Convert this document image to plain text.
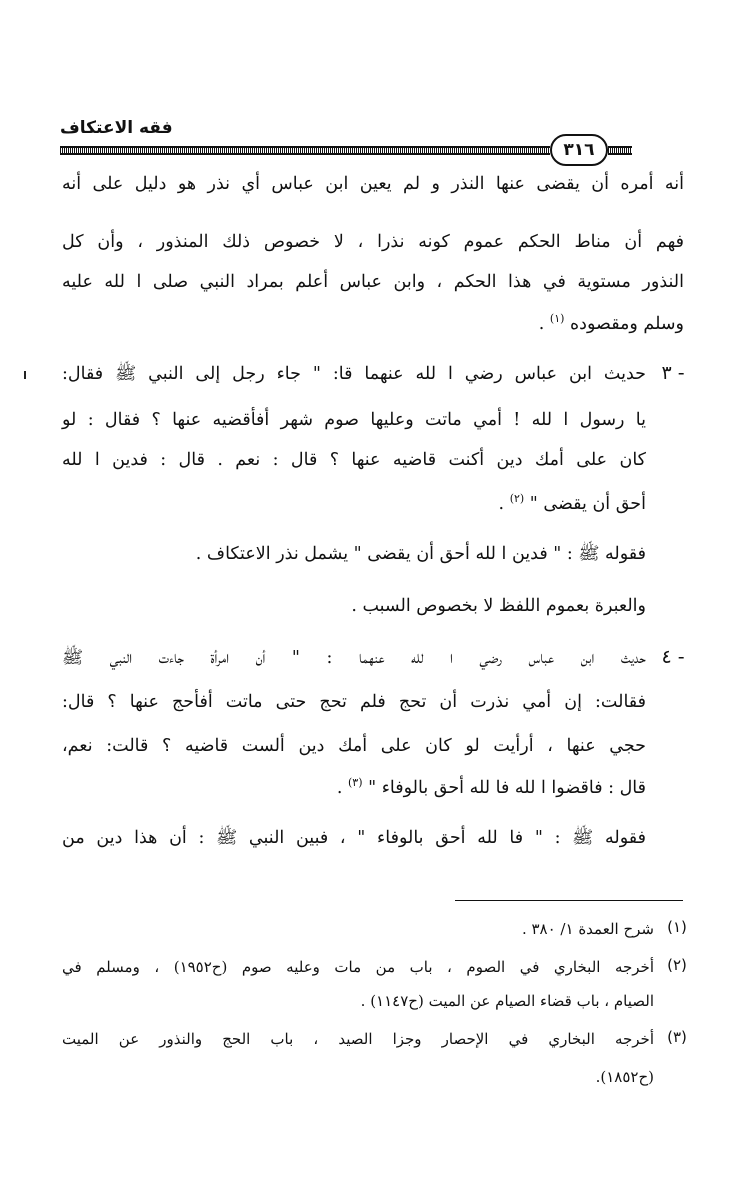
فقه الاعتكاف
٣١٦
أنه أمره أن يقضى عنها النذر و لم يعين ابن عباس أي نذر هو دليل على أنه
فهم أن مناط الحكم عموم كونه نذرا ، لا خصوص ذلك المنذور ، وأن كل
النذور مستوية في هذا الحكم ، وابن عباس أعلم بمراد النبي صلى ا لله عليه
وسلم ومقصوده $^{(١)}$ .
٣ -
حديث ابن عباس رضي ا لله عنهما قا: " جاء رجل إلى النبي ﷺ فقال:
يا رسول ا لله ! أمي ماتت وعليها صوم شهر أفأقضيه عنها ؟ فقال : لو
كان على أمك دين أكنت قاضيه عنها ؟ قال : نعم . قال : فدين ا لله
أحق أن يقضى " $^{(٢)}$ .
فقوله ﷺ : " فدين ا لله أحق أن يقضى " يشمل نذر الاعتكاف .
والعبرة بعموم اللفظ لا بخصوص السبب .
٤ -
حديث ابن عباس رضي ا لله عنهما : " أن امرأة جاءت النبي ﷺ
فقالت: إن أمي نذرت أن تحج فلم تحج حتى ماتت أفأحج عنها ؟ قال:
حجي عنها ، أرأيت لو كان على أمك دين ألست قاضيه ؟ قالت: نعم،
قال : فاقضوا ا لله فا لله أحق بالوفاء " $^{(٣)}$ .
فقوله ﷺ : " فا لله أحق بالوفاء " ، فبين النبي ﷺ : أن هذا دين من
(١)
شرح العمدة ١/ ٣٨٠ .
(٢)
أخرجه البخاري في الصوم ، باب من مات وعليه صوم (ح١٩٥٢) ، ومسلم في
الصيام ، باب قضاء الصيام عن الميت (ح١١٤٧) .
(٣)
أخرجه البخاري في الإحصار وجزا الصيد ، باب الحج والنذور عن الميت
(ح١٨٥٢).
